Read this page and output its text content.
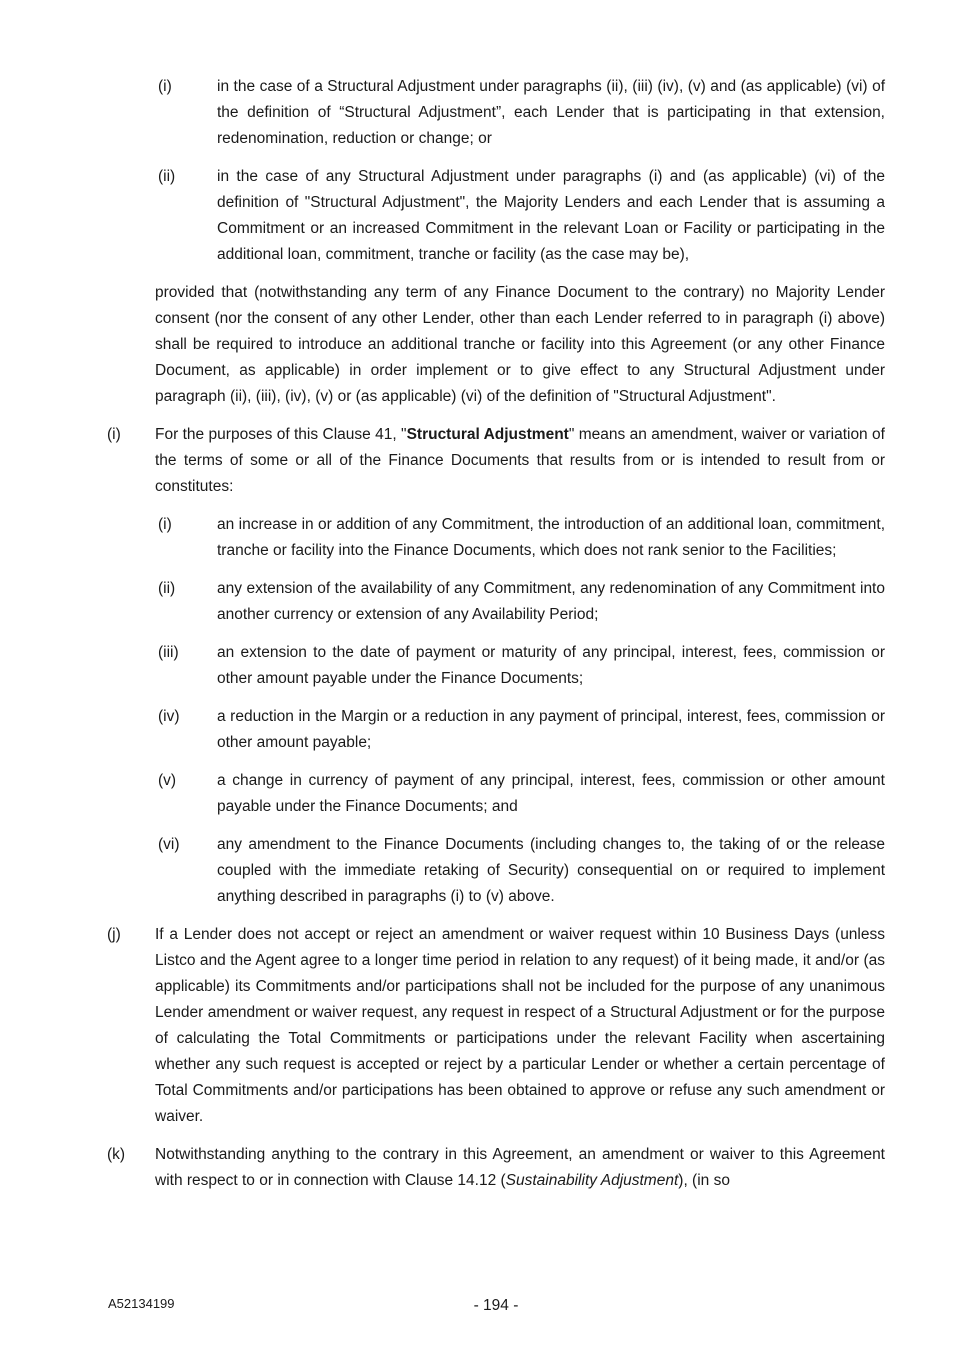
(i)	in the case of a Structural Adjustment under paragraphs (ii), (iii) (iv), (v) and (as applicable) (vi) of the definition of “Structural Adjustment”, each Lender that is participating in that extension, redenomination, reduction or change; or
(ii)	in the case of any Structural Adjustment under paragraphs (i) and (as applicable) (vi) of the definition of "Structural Adjustment", the Majority Lenders and each Lender that is assuming a Commitment or an increased Commitment in the relevant Loan or Facility or participating in the additional loan, commitment, tranche or facility (as the case may be),
provided that (notwithstanding any term of any Finance Document to the contrary) no Majority Lender consent (nor the consent of any other Lender, other than each Lender referred to in paragraph (i) above) shall be required to introduce an additional tranche or facility into this Agreement (or any other Finance Document, as applicable) in order implement or to give effect to any Structural Adjustment under paragraph (ii), (iii), (iv), (v) or (as applicable) (vi) of the definition of "Structural Adjustment".
(i)	For the purposes of this Clause 41, "Structural Adjustment" means an amendment, waiver or variation of the terms of some or all of the Finance Documents that results from or is intended to result from or constitutes:
(i)	an increase in or addition of any Commitment, the introduction of an additional loan, commitment, tranche or facility into the Finance Documents, which does not rank senior to the Facilities;
(ii)	any extension of the availability of any Commitment, any redenomination of any Commitment into another currency or extension of any Availability Period;
(iii)	an extension to the date of payment or maturity of any principal, interest, fees, commission or other amount payable under the Finance Documents;
(iv)	a reduction in the Margin or a reduction in any payment of principal, interest, fees, commission or other amount payable;
(v)	a change in currency of payment of any principal, interest, fees, commission or other amount payable under the Finance Documents; and
(vi)	any amendment to the Finance Documents (including changes to, the taking of or the release coupled with the immediate retaking of Security) consequential on or required to implement anything described in paragraphs (i) to (v) above.
(j)	If a Lender does not accept or reject an amendment or waiver request within 10 Business Days (unless Listco and the Agent agree to a longer time period in relation to any request) of it being made, it and/or (as applicable) its Commitments and/or participations shall not be included for the purpose of any unanimous Lender amendment or waiver request, any request in respect of a Structural Adjustment or for the purpose of calculating the Total Commitments or participations under the relevant Facility when ascertaining whether any such request is accepted or reject by a particular Lender or whether a certain percentage of Total Commitments and/or participations has been obtained to approve or refuse any such amendment or waiver.
(k)	Notwithstanding anything to the contrary in this Agreement, an amendment or waiver to this Agreement with respect to or in connection with Clause 14.12 (Sustainability Adjustment), (in so
A52134199	- 194 -
